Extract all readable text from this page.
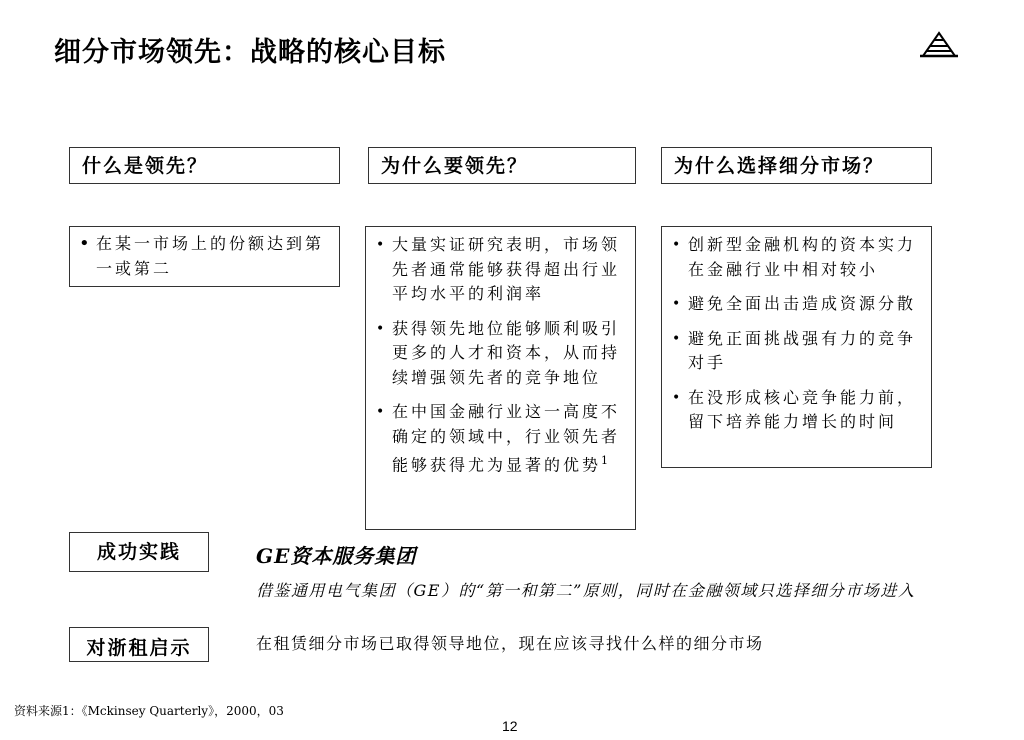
细分市场领先：战略的核心目标
什么是领先？	为什么要领先？	为什么选择细分市场？
• 在某一市场上的份额达到第一或第二
• 大量实证研究表明，市场领先者通常能够获得超出行业平均水平的利润率
• 获得领先地位能够顺利吸引更多的人才和资本，从而持续增强领先者的竞争地位
• 在中国金融行业这一高度不确定的领域中，行业领先者能够获得尤为显著的优势$^1$
• 创新型金融机构的资本实力在金融行业中相对较小
• 避免全面出击造成资源分散
• 避免正面挑战强有力的竞争对手
• 在没形成核心竞争能力前，留下培养能力增长的时间
成功实践	GE资本服务集团
借鉴通用电气集团（GE）的“第一和第二”原则，同时在金融领域只选择细分市场进入
对浙租启示	在租赁细分市场已取得领导地位，现在应该寻找什么样的细分市场
资料来源1：《Mckinsey Quarterly》，2000，03
12
